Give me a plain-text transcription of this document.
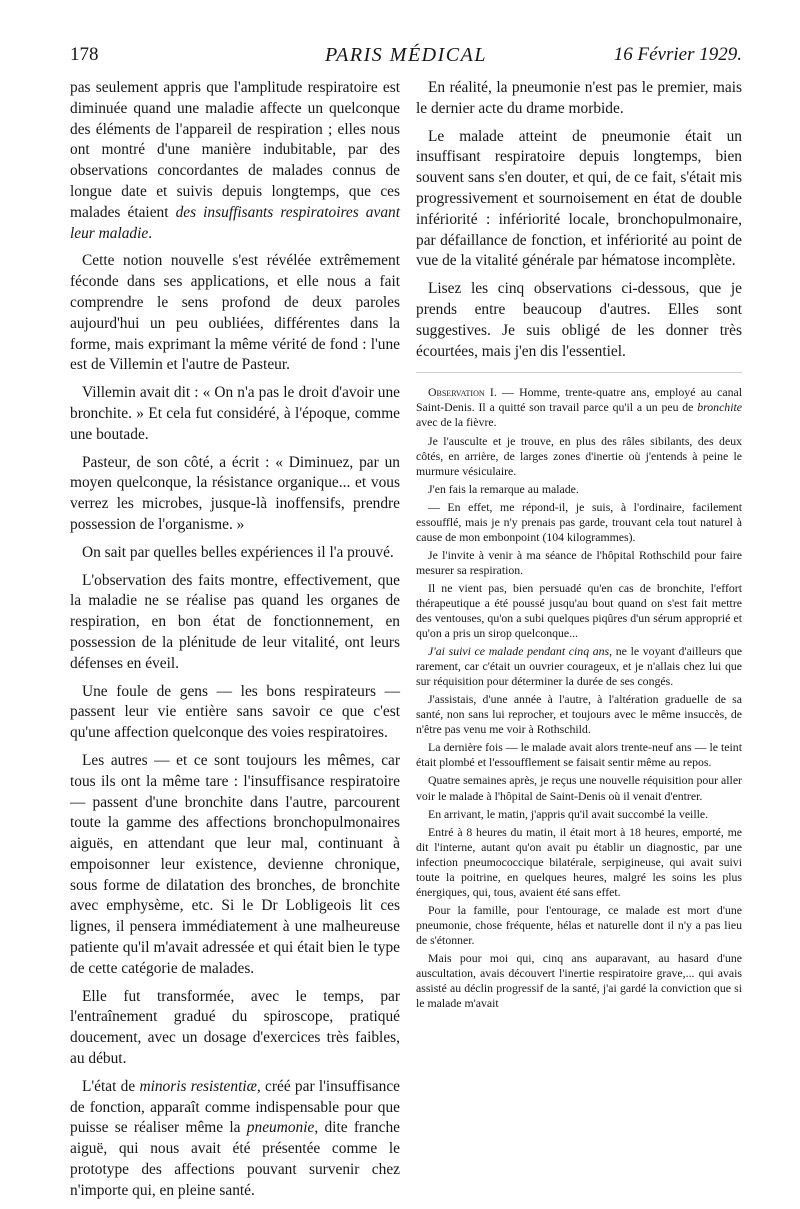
178	PARIS MÉDICAL	16 Février 1929.

pas seulement appris que l'amplitude respiratoire est diminuée quand une maladie affecte un quelconque des éléments de l'appareil de respiration ; elles nous ont montré d'une manière indubitable, par des observations concordantes de malades connus de longue date et suivis depuis longtemps, que ces malades étaient des insuffisants respiratoires avant leur maladie.

Cette notion nouvelle s'est révélée extrêmement féconde dans ses applications, et elle nous a fait comprendre le sens profond de deux paroles aujourd'hui un peu oubliées, différentes dans la forme, mais exprimant la même vérité de fond : l'une est de Villemin et l'autre de Pasteur.

Villemin avait dit : « On n'a pas le droit d'avoir une bronchite. » Et cela fut considéré, à l'époque, comme une boutade.

Pasteur, de son côté, a écrit : « Diminuez, par un moyen quelconque, la résistance organique... et vous verrez les microbes, jusque-là inoffensifs, prendre possession de l'organisme. »

On sait par quelles belles expériences il l'a prouvé.

L'observation des faits montre, effectivement, que la maladie ne se réalise pas quand les organes de respiration, en bon état de fonctionnement, en possession de la plénitude de leur vitalité, ont leurs défenses en éveil.

Une foule de gens — les bons respirateurs — passent leur vie entière sans savoir ce que c'est qu'une affection quelconque des voies respiratoires.

Les autres — et ce sont toujours les mêmes, car tous ils ont la même tare : l'insuffisance respiratoire — passent d'une bronchite dans l'autre, parcourent toute la gamme des affections bronchopulmonaires aiguës, en attendant que leur mal, continuant à empoisonner leur existence, devienne chronique, sous forme de dilatation des bronches, de bronchite avec emphysème, etc. Si le Dr Lobligeois lit ces lignes, il pensera immédiatement à une malheureuse patiente qu'il m'avait adressée et qui était bien le type de cette catégorie de malades.

Elle fut transformée, avec le temps, par l'entraînement gradué du spiroscope, pratiqué doucement, avec un dosage d'exercices très faibles, au début.

L'état de minoris resistentiæ, créé par l'insuffisance de fonction, apparaît comme indispensable pour que puisse se réaliser même la pneumonie, dite franche aiguë, qui nous avait été présentée comme le prototype des affections pouvant survenir chez n'importe qui, en pleine santé.

En réalité, la pneumonie n'est pas le premier, mais le dernier acte du drame morbide.

Le malade atteint de pneumonie était un insuffisant respiratoire depuis longtemps, bien souvent sans s'en douter, et qui, de ce fait, s'était mis progressivement et sournoisement en état de double infériorité : infériorité locale, bronchopulmonaire, par défaillance de fonction, et infériorité au point de vue de la vitalité générale par hématose incomplète.

Lisez les cinq observations ci-dessous, que je prends entre beaucoup d'autres. Elles sont suggestives. Je suis obligé de les donner très écourtées, mais j'en dis l'essentiel.

Observation I. — Homme, trente-quatre ans, employé au canal Saint-Denis. Il a quitté son travail parce qu'il a un peu de bronchite avec de la fièvre.

Je l'ausculte et je trouve, en plus des râles sibilants, des deux côtés, en arrière, de larges zones d'inertie où j'entends à peine le murmure vésiculaire.

J'en fais la remarque au malade.

— En effet, me répond-il, je suis, à l'ordinaire, facilement essoufflé, mais je n'y prenais pas garde, trouvant cela tout naturel à cause de mon embonpoint (104 kilogrammes).

Je l'invite à venir à ma séance de l'hôpital Rothschild pour faire mesurer sa respiration.

Il ne vient pas, bien persuadé qu'en cas de bronchite, l'effort thérapeutique a été poussé jusqu'au bout quand on s'est fait mettre des ventouses, qu'on a subi quelques piqûres d'un sérum approprié et qu'on a pris un sirop quelconque...

J'ai suivi ce malade pendant cinq ans, ne le voyant d'ailleurs que rarement, car c'était un ouvrier courageux, et je n'allais chez lui que sur réquisition pour déterminer la durée de ses congés.

J'assistais, d'une année à l'autre, à l'altération graduelle de sa santé, non sans lui reprocher, et toujours avec le même insuccès, de n'être pas venu me voir à Rothschild.

La dernière fois — le malade avait alors trente-neuf ans — le teint était plombé et l'essoufflement se faisait sentir même au repos.

Quatre semaines après, je reçus une nouvelle réquisition pour aller voir le malade à l'hôpital de Saint-Denis où il venait d'entrer.

En arrivant, le matin, j'appris qu'il avait succombé la veille.

Entré à 8 heures du matin, il était mort à 18 heures, emporté, me dit l'interne, autant qu'on avait pu établir un diagnostic, par une infection pneumococcique bilatérale, serpigineuse, qui avait suivi toute la poitrine, en quelques heures, malgré les soins les plus énergiques, qui, tous, avaient été sans effet.

Pour la famille, pour l'entourage, ce malade est mort d'une pneumonie, chose fréquente, hélas et naturelle dont il n'y a pas lieu de s'étonner.

Mais pour moi qui, cinq ans auparavant, au hasard d'une auscultation, avais découvert l'inertie respiratoire grave,... qui avais assisté au déclin progressif de la santé, j'ai gardé la conviction que si le malade m'avait
